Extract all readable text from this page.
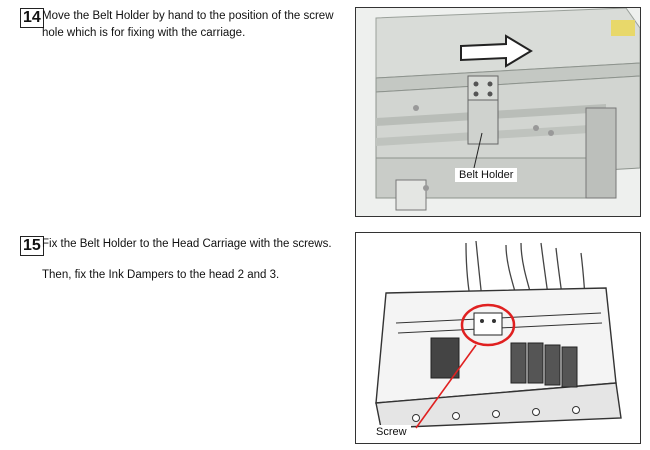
14 Move the Belt Holder by hand to the position of the screw

hole which is for fixing with the carriage.

Belt Holder
15 Fix the Belt Holder to the Head Carriage with the screws.

Then, fix the Ink Dampers to the head 2 and 3.

Screw
